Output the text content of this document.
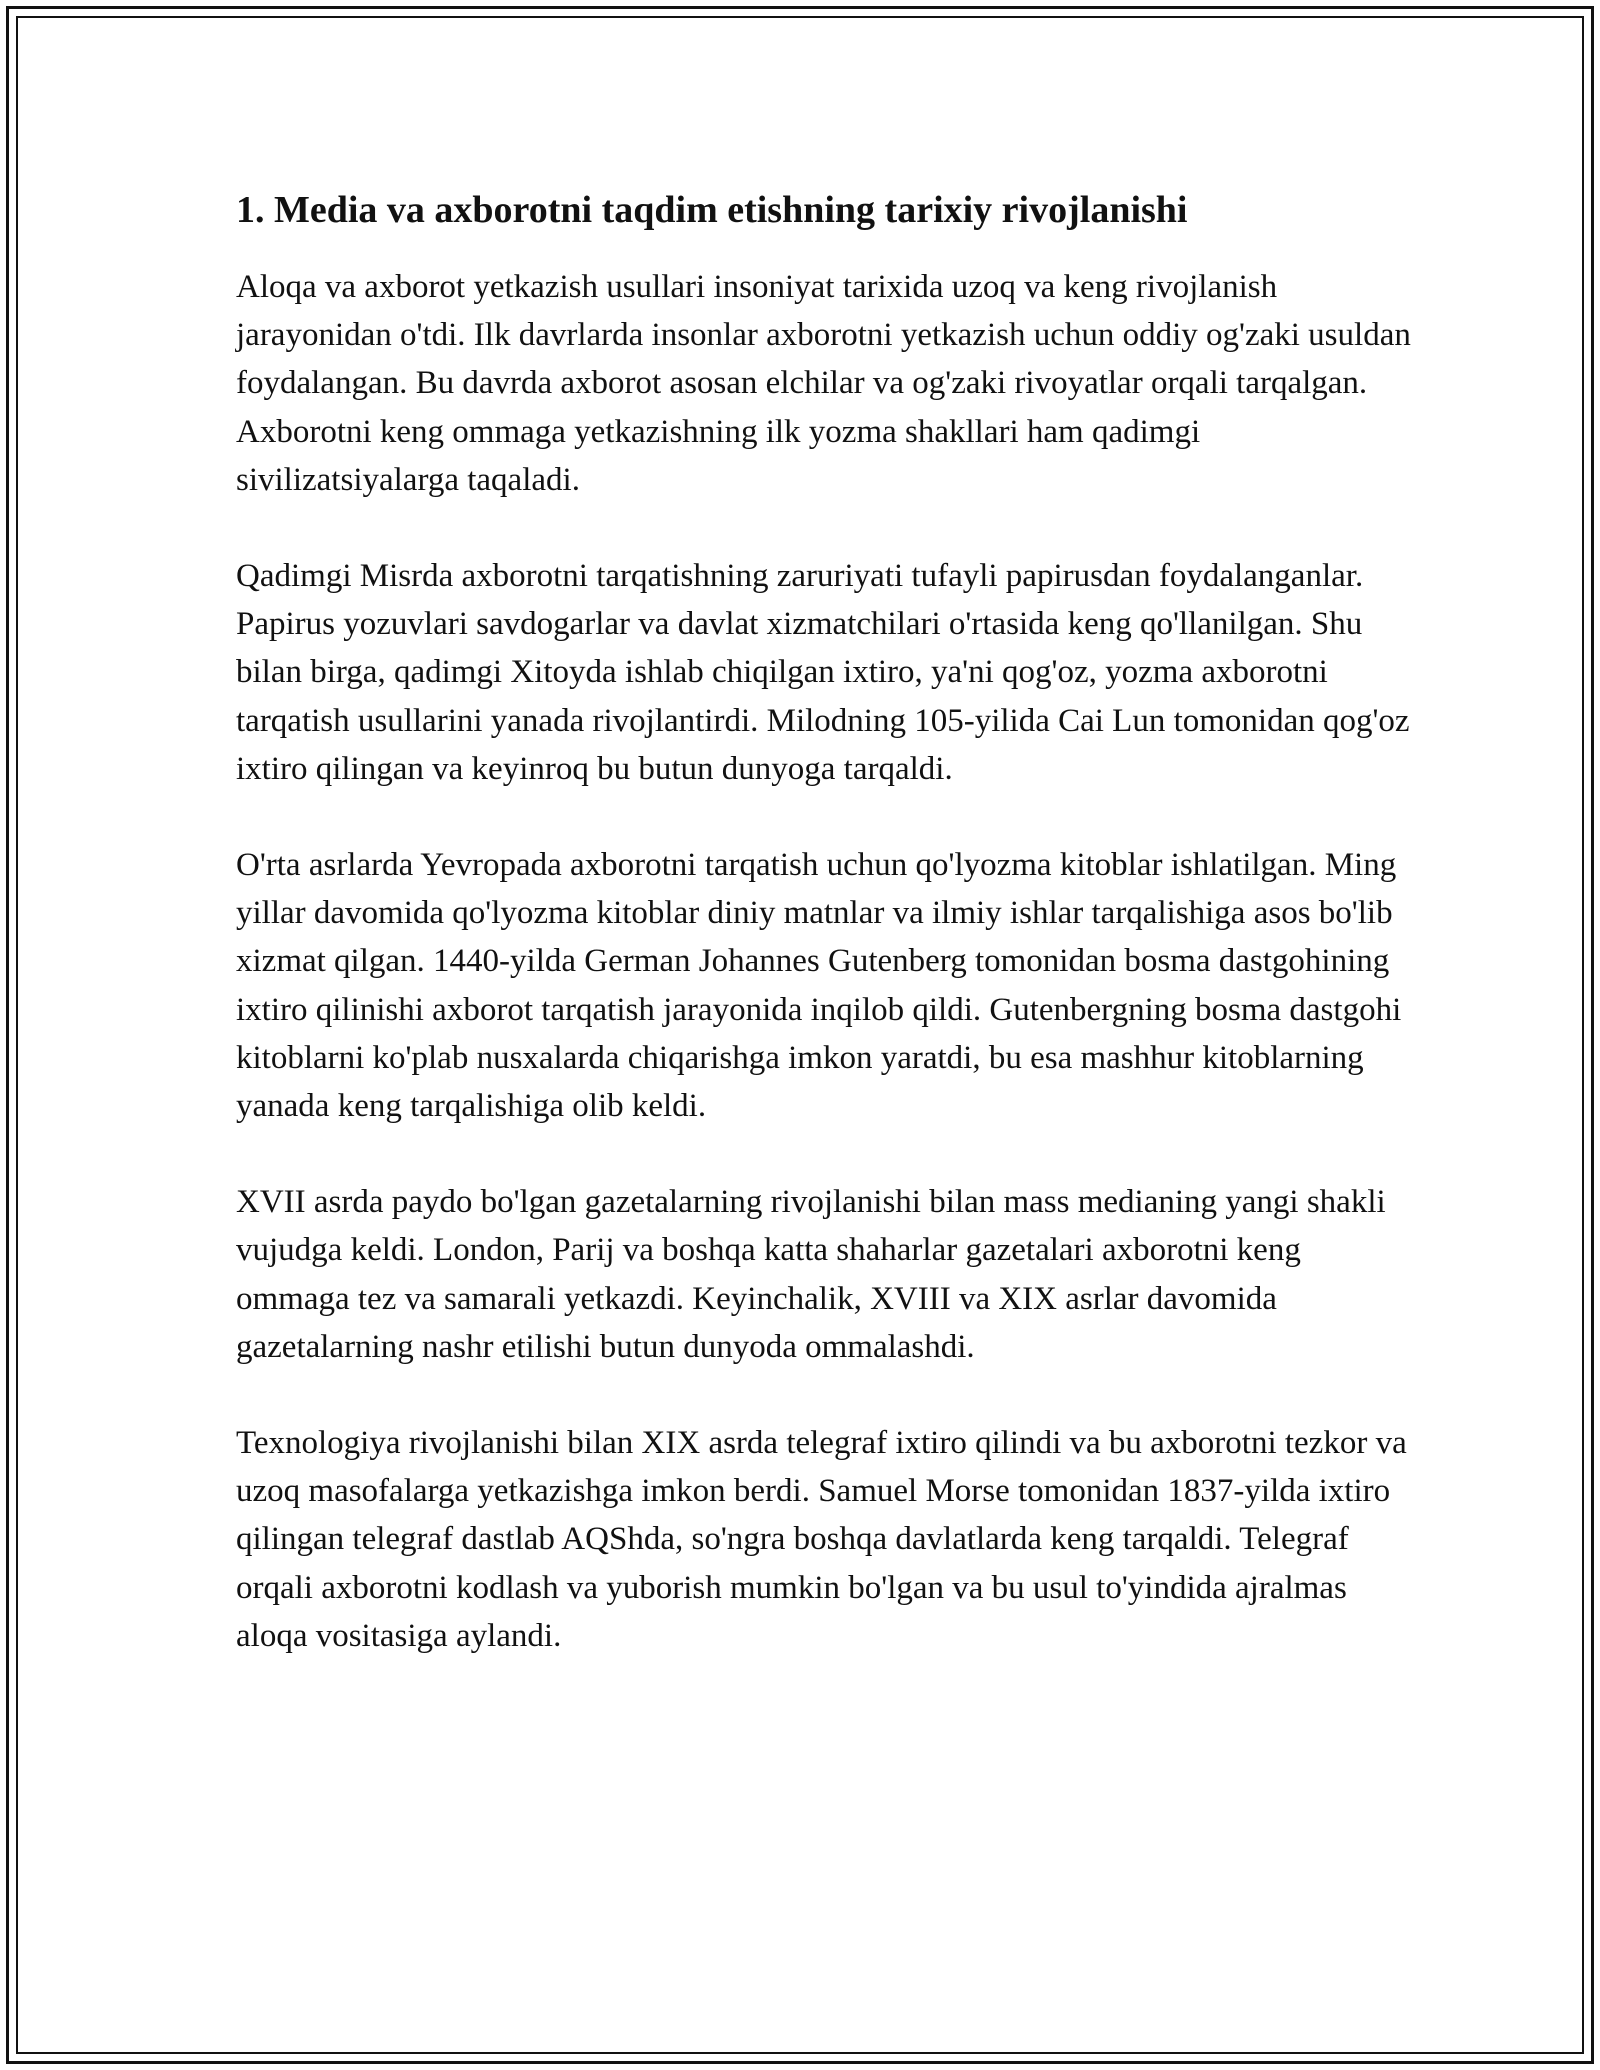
1. Media va axborotni taqdim etishning tarixiy rivojlanishi

Aloqa va axborot yetkazish usullari insoniyat tarixida uzoq va keng rivojlanish jarayonidan o'tdi. Ilk davrlarda insonlar axborotni yetkazish uchun oddiy og'zaki usuldan foydalangan. Bu davrda axborot asosan elchilar va og'zaki rivoyatlar orqali tarqalgan. Axborotni keng ommaga yetkazishning ilk yozma shakllari ham qadimgi sivilizatsiyalarga taqaladi.

Qadimgi Misrda axborotni tarqatishning zaruriyati tufayli papirusdan foydalanganlar. Papirus yozuvlari savdogarlar va davlat xizmatchilari o'rtasida keng qo'llanilgan. Shu bilan birga, qadimgi Xitoyda ishlab chiqilgan ixtiro, ya'ni qog'oz, yozma axborotni tarqatish usullarini yanada rivojlantirdi. Milodning 105-yilida Cai Lun tomonidan qog'oz ixtiro qilingan va keyinroq bu butun dunyoga tarqaldi.

O'rta asrlarda Yevropada axborotni tarqatish uchun qo'lyozma kitoblar ishlatilgan. Ming yillar davomida qo'lyozma kitoblar diniy matnlar va ilmiy ishlar tarqalishiga asos bo'lib xizmat qilgan. 1440-yilda German Johannes Gutenberg tomonidan bosma dastgohining ixtiro qilinishi axborot tarqatish jarayonida inqilob qildi. Gutenbergning bosma dastgohi kitoblarni ko'plab nusxalarda chiqarishga imkon yaratdi, bu esa mashhur kitoblarning yanada keng tarqalishiga olib keldi.

XVII asrda paydo bo'lgan gazetalarning rivojlanishi bilan mass medianing yangi shakli vujudga keldi. London, Parij va boshqa katta shaharlar gazetalari axborotni keng ommaga tez va samarali yetkazdi. Keyinchalik, XVIII va XIX asrlar davomida gazetalarning nashr etilishi butun dunyoda ommalashdi.

Texnologiya rivojlanishi bilan XIX asrda telegraf ixtiro qilindi va bu axborotni tezkor va uzoq masofalarga yetkazishga imkon berdi. Samuel Morse tomonidan 1837-yilda ixtiro qilingan telegraf dastlab AQShda, so'ngra boshqa davlatlarda keng tarqaldi. Telegraf orqali axborotni kodlash va yuborish mumkin bo'lgan va bu usul to'yindida ajralmas aloqa vositasiga aylandi.
